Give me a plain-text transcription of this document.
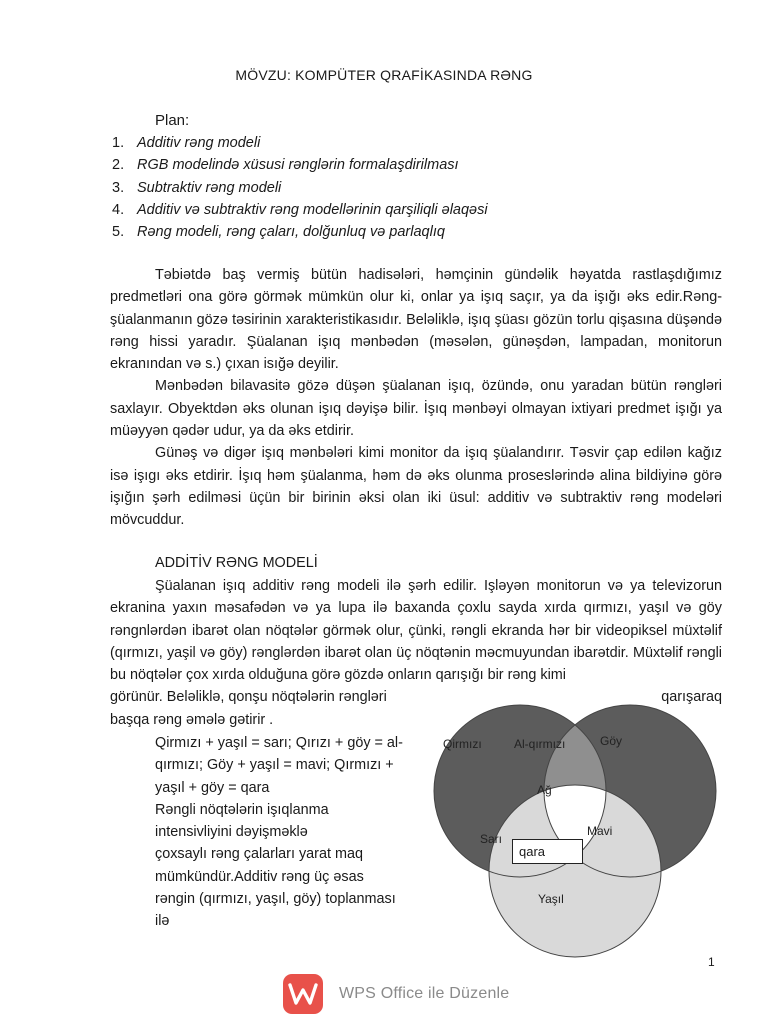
MÖVZU: KOMPÜTER QRAFİKASINDA RƏNG
Plan:
1. Additiv rəng modeli
2. RGB modelində xüsusi rənglərin formalaşdirilması
3. Subtraktiv rəng modeli
4. Additiv və subtraktiv rəng modellərinin qarşiliqli əlaqəsi
5. Rəng modeli, rəng çaları, dolğunluq və parlaqlıq

Təbiətdə baş vermiş bütün hadisələri, həmçinin gündəlik həyatda rastlaşdığımız predmetləri ona görə görmək mümkün olur ki, onlar ya işıq saçır, ya da işığı əks edir.Rəng-şüalanmanın gözə təsirinin xarakteristikasıdır. Beləliklə, işıq şüası gözün torlu qişasına düşəndə rəng hissi yaradır. Şüalanan işıq mənbədən (məsələn, günəşdən, lampadan, monitorun ekranından və s.) çıxan isığə deyilir.

Mənbədən bilavasitə gözə düşən şüalanan işıq, özündə, onu yaradan bütün rəngləri saxlayır. Obyektdən əks olunan işıq dəyişə bilir. İşıq mənbəyi olmayan ixtiyari predmet işığı ya müəyyən qədər udur, ya da əks etdirir.

Günəş və digər işıq mənbələri kimi monitor da işıq şüalandırır. Təsvir çap edilən kağız isə işıgı əks etdirir. İşıq həm şüalanma, həm də əks olunma proseslərində alina bildiyinə görə işığın şərh edilməsi üçün bir birinin əksi olan iki üsul: additiv və subtraktiv rəng modeləri mövcuddur.

ADDİTİV RƏNG MODELİ

Şüalanan işıq additiv rəng modeli ilə şərh edilir. Işləyən monitorun və ya televizorun ekranina yaxın məsafədən və ya lupa ilə baxanda çoxlu sayda xırda qırmızı, yaşıl və göy rəngnlərdən ibarət olan nöqtələr görmək olur, çünki, rəngli ekranda hər bir videopiksel müxtəlif (qırmızı, yaşil və göy) rənglərdən ibarət olan üç nöqtənin məcmuyundan ibarətdir. Müxtəlif rəngli bu nöqtələr çox xırda olduğuna görə gözdə onların qarışığı bir rəng kimi

görünür. Beləliklə, qonşu nöqtələrin rəngləri	qarışaraq
başqa rəng əmələ gətirir .
Qirmızı + yaşıl = sarı; Qırızı + göy = al-
qırmızı; Göy + yaşıl = mavi; Qırmızı +
yaşıl + göy = qara
Rəngli nöqtələrin işıqlanma
intensivliyini dəyişməklə
çoxsaylı rəng çalarları yarat maq
mümkündür.Additiv rəng üç əsas
rəngin (qırmızı, yaşıl, göy) toplanması
ilə
Qirmızı	Al-qırmızı	Göy
Ağ
Sarı
Mavi
Yaşıl
qara
1
WPS Office ile Düzenle
